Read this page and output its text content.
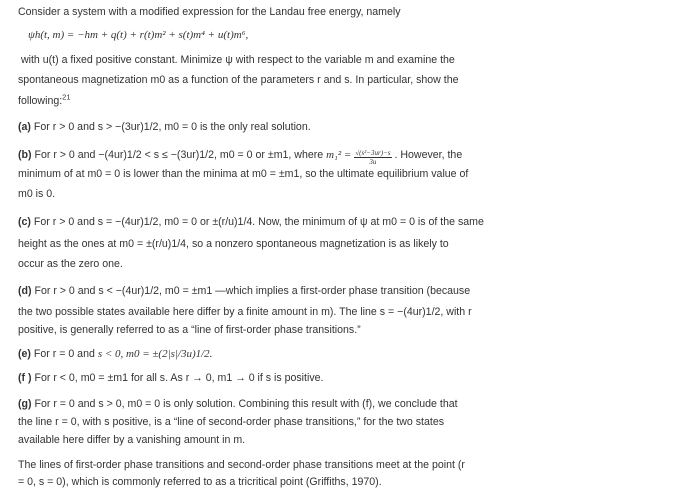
Consider a system with a modified expression for the Landau free energy, namely
ψh(t, m) = −hm + q(t) + r(t)m² + s(t)m⁴ + u(t)m⁶,
with u(t) a fixed positive constant. Minimize ψ with respect to the variable m and examine the
spontaneous magnetization m0 as a function of the parameters r and s. In particular, show the
following:$^{21}$
(a) For r > 0 and s > −(3ur)1/2, m0 = 0 is the only real solution.
(b) For r > 0 and −(4ur)1/2 < s ≤ −(3ur)1/2, m0 = 0 or ±m1, where $m_1^2 = \frac{\text{√(s²−3ur)−s}}{3u}$ . However, the
minimum of at m0 = 0 is lower than the minima at m0 = ±m1, so the ultimate equilibrium value of
m0 is 0.
(c) For r > 0 and s = −(4ur)1/2, m0 = 0 or ±(r/u)1/4. Now, the minimum of ψ at m0 = 0 is of the same
height as the ones at m0 = ±(r/u)1/4, so a nonzero spontaneous magnetization is as likely to
occur as the zero one.
(d) For r > 0 and s < −(4ur)1/2, m0 = ±m1 —which implies a first-order phase transition (because
the two possible states available here differ by a finite amount in m). The line s = −(4ur)1/2, with r
positive, is generally referred to as a “line of first-order phase transitions.”
(e) For r = 0 and s < 0, m0 = ±(2|s|/3u)1/2.
(f ) For r < 0, m0 = ±m1 for all s. As r → 0, m1 → 0 if s is positive.
(g) For r = 0 and s > 0, m0 = 0 is only solution. Combining this result with (f), we conclude that
the line r = 0, with s positive, is a “line of second-order phase transitions,” for the two states
available here differ by a vanishing amount in m.
The lines of first-order phase transitions and second-order phase transitions meet at the point (r
= 0, s = 0), which is commonly referred to as a tricritical point (Griffiths, 1970).
